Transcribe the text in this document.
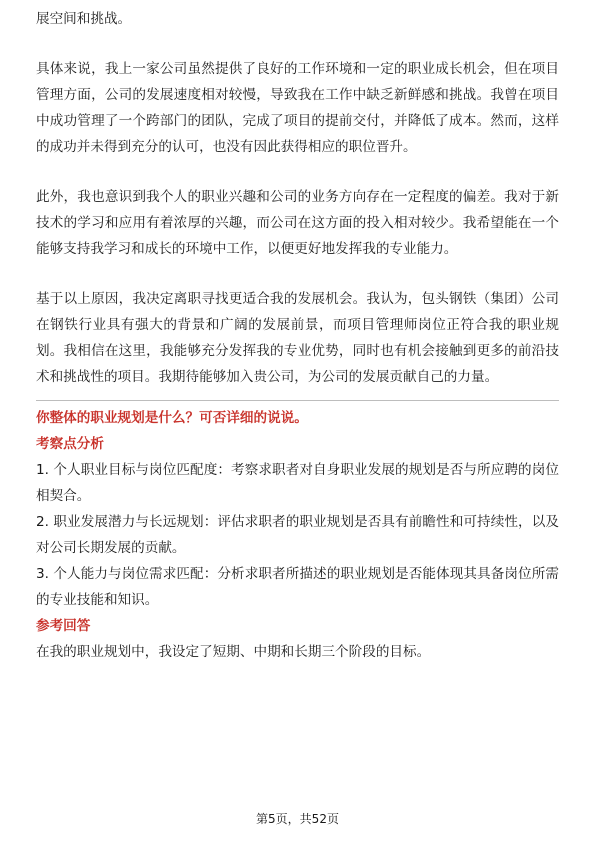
展空间和挑战。

具体来说，我上一家公司虽然提供了良好的工作环境和一定的职业成长机会，但在项目管理方面，公司的发展速度相对较慢，导致我在工作中缺乏新鲜感和挑战。我曾在项目中成功管理了一个跨部门的团队，完成了项目的提前交付，并降低了成本。然而，这样的成功并未得到充分的认可，也没有因此获得相应的职位晋升。

此外，我也意识到我个人的职业兴趣和公司的业务方向存在一定程度的偏差。我对于新技术的学习和应用有着浓厚的兴趣，而公司在这方面的投入相对较少。我希望能在一个能够支持我学习和成长的环境中工作，以便更好地发挥我的专业能力。

基于以上原因，我决定离职寻找更适合我的发展机会。我认为，包头钢铁（集团）公司在钢铁行业具有强大的背景和广阔的发展前景，而项目管理师岗位正符合我的职业规划。我相信在这里，我能够充分发挥我的专业优势，同时也有机会接触到更多的前沿技术和挑战性的项目。我期待能够加入贵公司，为公司的发展贡献自己的力量。

你整体的职业规划是什么？可否详细的说说。

考察点分析

1. 个人职业目标与岗位匹配度：考察求职者对自身职业发展的规划是否与所应聘的岗位相契合。

2. 职业发展潜力与长远规划：评估求职者的职业规划是否具有前瞻性和可持续性，以及对公司长期发展的贡献。

3. 个人能力与岗位需求匹配：分析求职者所描述的职业规划是否能体现其具备岗位所需的专业技能和知识。

参考回答

在我的职业规划中，我设定了短期、中期和长期三个阶段的目标。

第5页，共52页
